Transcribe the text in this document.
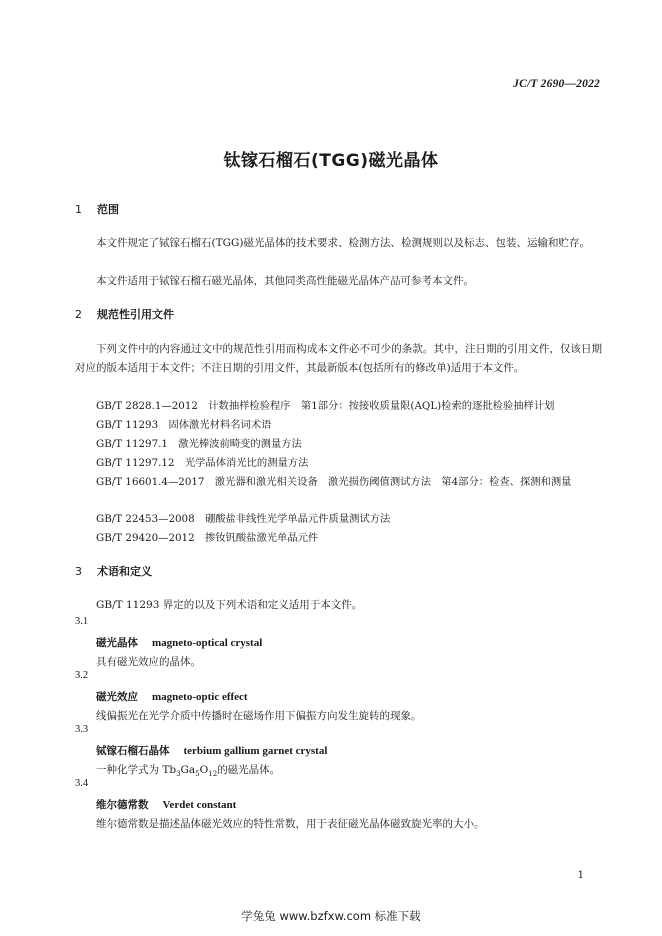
JC/T 2690—2022
钛镓石榴石(TGG)磁光晶体
1 范围
本文件规定了铽镓石榴石(TGG)磁光晶体的技术要求、检测方法、检测规则以及标志、包装、运输和贮存。
本文件适用于铽镓石榴石磁光晶体，其他同类高性能磁光晶体产品可参考本文件。
2 规范性引用文件
下列文件中的内容通过文中的规范性引用而构成本文件必不可少的条款。其中，注日期的引用文件，仅该日期对应的版本适用于本文件；不注日期的引用文件，其最新版本(包括所有的修改单)适用于本文件。
GB/T 2828.1—2012　计数抽样检验程序　第1部分：按接收质量限(AQL)检索的逐批检验抽样计划
GB/T 11293　固体激光材料名词术语
GB/T 11297.1　激光棒波前畸变的测量方法
GB/T 11297.12　光学晶体消光比的测量方法
GB/T 16601.4—2017　激光器和激光相关设备　激光损伤阈值测试方法　第4部分：检查、探测和测量
GB/T 22453—2008　硼酸盐非线性光学单晶元件质量测试方法
GB/T 29420—2012　掺钕钒酸盐激光单晶元件
3 术语和定义
GB/T 11293 界定的以及下列术语和定义适用于本文件。
3.1
磁光晶体 magneto-optical crystal
具有磁光效应的晶体。
3.2
磁光效应 magneto-optic effect
线偏振光在光学介质中传播时在磁场作用下偏振方向发生旋转的现象。
3.3
铽镓石榴石晶体 terbium gallium garnet crystal
一种化学式为 $Tb_3Ga_5O_{12}$的磁光晶体。
3.4
维尔德常数 Verdet constant
维尔德常数是描述晶体磁光效应的特性常数，用于表征磁光晶体磁致旋光率的大小。
1
学兔兔 www.bzfxw.com 标准下载
